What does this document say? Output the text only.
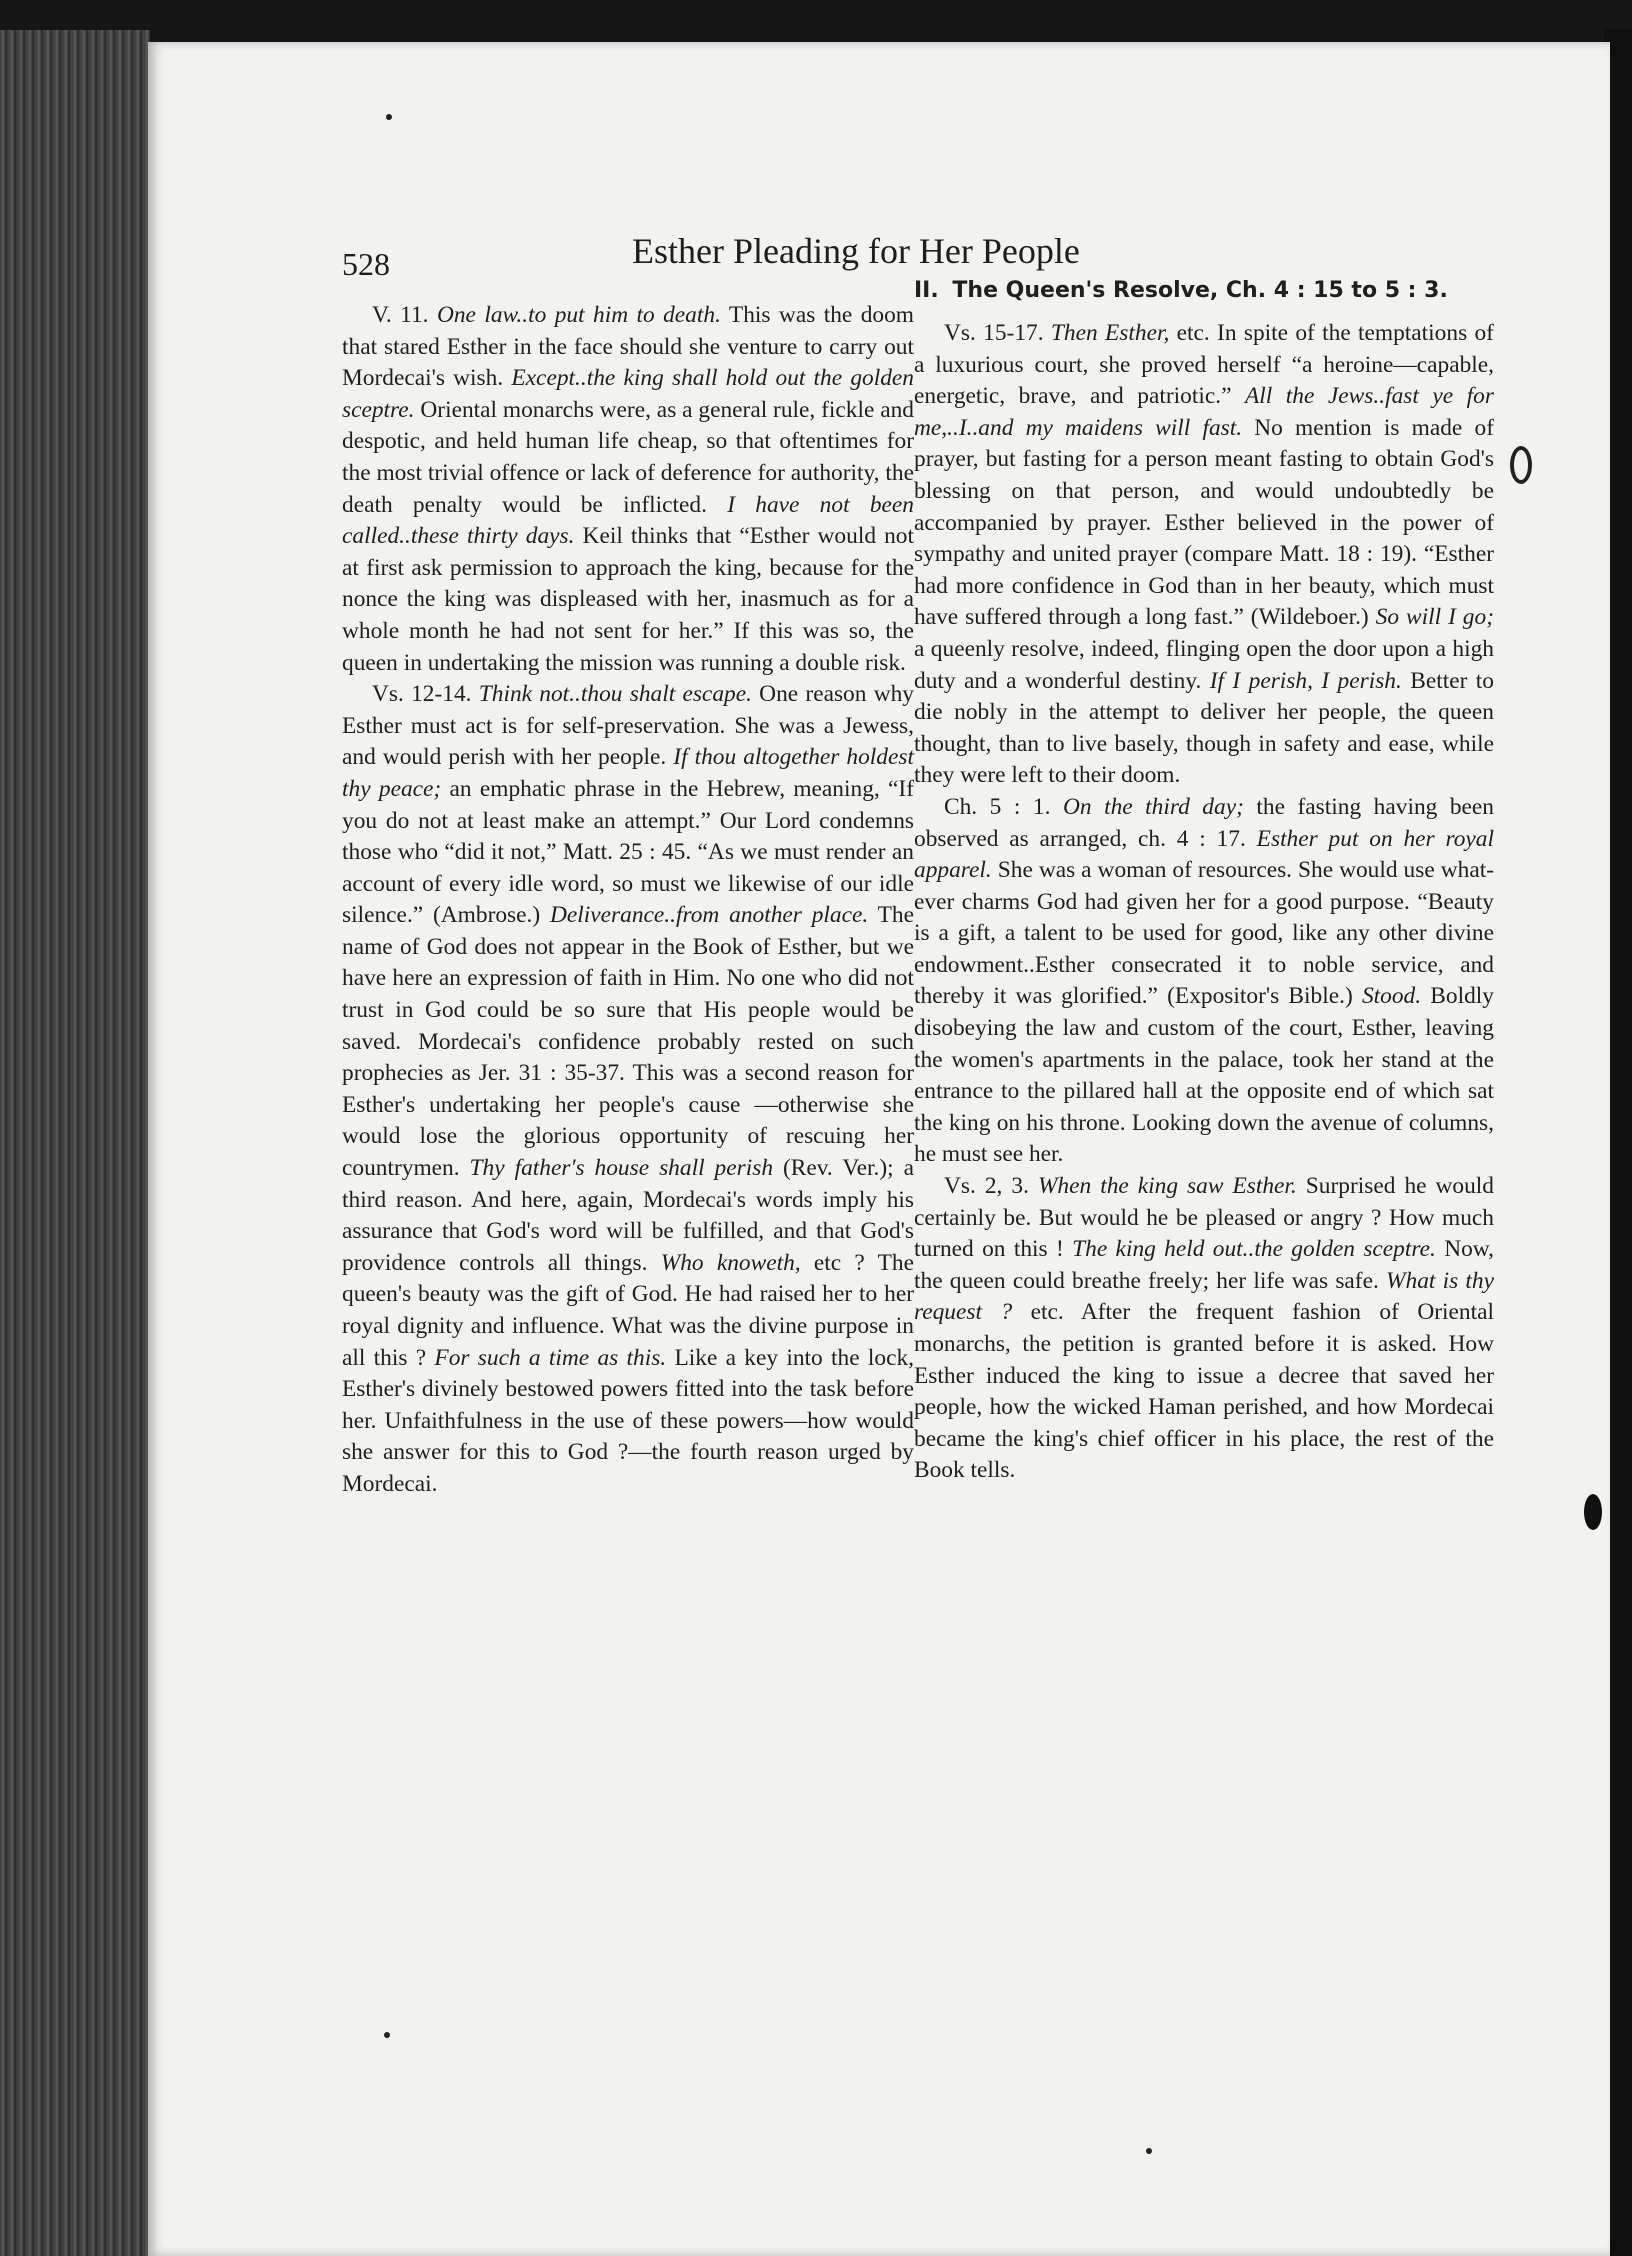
528	Esther Pleading for Her People

V. 11. One law..to put him to death. This was the doom that stared Esther in the face should she venture to carry out Mordecai's wish. Except..the king shall hold out the golden sceptre. Oriental monarchs were, as a general rule, fickle and despotic, and held human life cheap, so that oftentimes for the most trivial offence or lack of deference for authority, the death penalty would be inflicted. I have not been called..these thirty days. Keil thinks that “Esther would not at first ask permission to approach the king, because for the nonce the king was displeased with her, inasmuch as for a whole month he had not sent for her.” If this was so, the queen in undertaking the mission was running a double risk.

Vs. 12-14. Think not..thou shalt escape. One reason why Esther must act is for self-preservation. She was a Jewess, and would perish with her people. If thou altogether holdest thy peace; an emphatic phrase in the Hebrew, meaning, “If you do not at least make an attempt.” Our Lord condemns those who “did it not,” Matt. 25 : 45. “As we must render an account of every idle word, so must we likewise of our idle silence.” (Ambrose.) Deliverance..from another place. The name of God does not appear in the Book of Esther, but we have here an expression of faith in Him. No one who did not trust in God could be so sure that His people would be saved. Mordecai's confidence probably rested on such prophecies as Jer. 31 : 35-37. This was a second reason for Esther's undertaking her people's cause —otherwise she would lose the glorious opportunity of rescuing her countrymen. Thy father's house shall perish (Rev. Ver.); a third reason. And here, again, Mordecai's words imply his assurance that God's word will be fulfilled, and that God's providence controls all things. Who knoweth, etc ? The queen's beauty was the gift of God. He had raised her to her royal dignity and influence. What was the divine purpose in all this ? For such a time as this. Like a key into the lock, Esther's divinely bestowed powers fitted into the task before her. Unfaithfulness in the use of these powers—how would she answer for this to God ?—the fourth reason urged by Mordecai.

II. The Queen's Resolve, Ch. 4 : 15 to 5 : 3.

Vs. 15-17. Then Esther, etc. In spite of the temptations of a luxurious court, she proved herself “a heroine—capable, energetic, brave, and patriotic.” All the Jews..fast ye for me,..I..and my maidens will fast. No mention is made of prayer, but fasting for a person meant fasting to obtain God's blessing on that person, and would undoubtedly be accompanied by prayer. Esther believed in the power of sympathy and united prayer (compare Matt. 18 : 19). “Esther had more confidence in God than in her beauty, which must have suffered through a long fast.” (Wildeboer.) So will I go; a queenly resolve, indeed, flinging open the door upon a high duty and a wonderful destiny. If I perish, I perish. Better to die nobly in the attempt to deliver her people, the queen thought, than to live basely, though in safety and ease, while they were left to their doom.

Ch. 5 : 1. On the third day; the fasting having been observed as arranged, ch. 4 : 17. Esther put on her royal apparel. She was a woman of resources. She would use whatever charms God had given her for a good purpose. “Beauty is a gift, a talent to be used for good, like any other divine endowment..Esther consecrated it to noble service, and thereby it was glorified.” (Expositor's Bible.) Stood. Boldly disobeying the law and custom of the court, Esther, leaving the women's apartments in the palace, took her stand at the entrance to the pillared hall at the opposite end of which sat the king on his throne. Looking down the avenue of columns, he must see her.

Vs. 2, 3. When the king saw Esther. Surprised he would certainly be. But would he be pleased or angry ? How much turned on this ! The king held out..the golden sceptre. Now, the queen could breathe freely; her life was safe. What is thy request ? etc. After the frequent fashion of Oriental monarchs, the petition is granted before it is asked. How Esther induced the king to issue a decree that saved her people, how the wicked Haman perished, and how Mordecai became the king's chief officer in his place, the rest of the Book tells.
